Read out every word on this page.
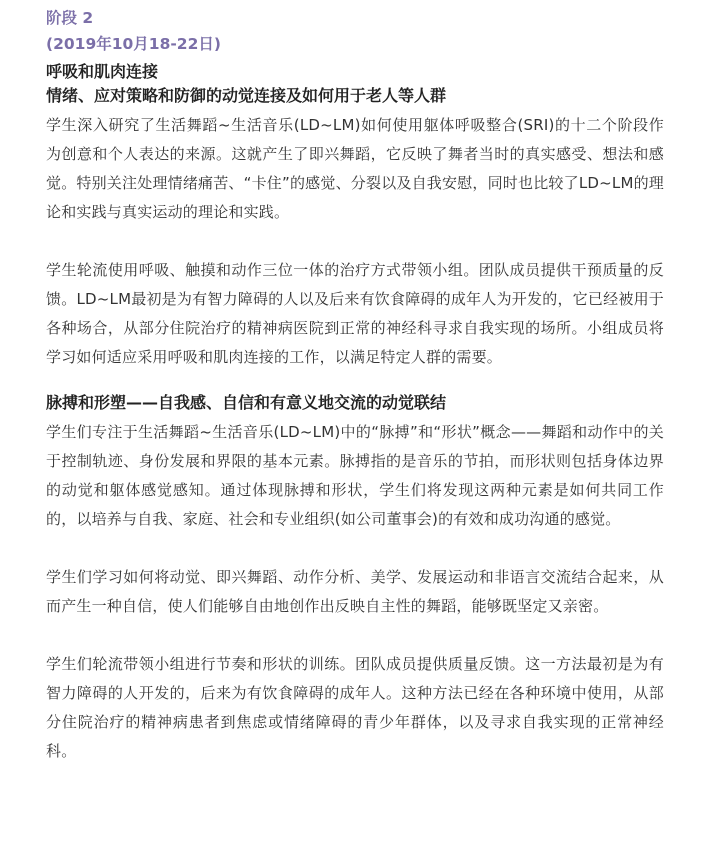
阶段 2
(2019年10月18-22日)
呼吸和肌肉连接
情绪、应对策略和防御的动觉连接及如何用于老人等人群

学生深入研究了生活舞蹈~生活音乐(LD~LM)如何使用躯体呼吸整合(SRI)的十二个阶段作为创意和个人表达的来源。这就产生了即兴舞蹈，它反映了舞者当时的真实感受、想法和感觉。特别关注处理情绪痛苦、“卡住”的感觉、分裂以及自我安慰，同时也比较了LD~LM的理论和实践与真实运动的理论和实践。

学生轮流使用呼吸、触摸和动作三位一体的治疗方式带领小组。团队成员提供干预质量的反馈。LD~LM最初是为有智力障碍的人以及后来有饮食障碍的成年人为开发的，它已经被用于各种场合，从部分住院治疗的精神病医院到正常的神经科寻求自我实现的场所。小组成员将学习如何适应采用呼吸和肌肉连接的工作，以满足特定人群的需要。

脉搏和形塑——自我感、自信和有意义地交流的动觉联结

学生们专注于生活舞蹈~生活音乐(LD~LM)中的“脉搏”和“形状”概念——舞蹈和动作中的关于控制轨迹、身份发展和界限的基本元素。脉搏指的是音乐的节拍，而形状则包括身体边界的动觉和躯体感觉感知。通过体现脉搏和形状，学生们将发现这两种元素是如何共同工作的，以培养与自我、家庭、社会和专业组织(如公司董事会)的有效和成功沟通的感觉。

学生们学习如何将动觉、即兴舞蹈、动作分析、美学、发展运动和非语言交流结合起来，从而产生一种自信，使人们能够自由地创作出反映自主性的舞蹈，能够既坚定又亲密。

学生们轮流带领小组进行节奏和形状的训练。团队成员提供质量反馈。这一方法最初是为有智力障碍的人开发的，后来为有饮食障碍的成年人。这种方法已经在各种环境中使用，从部分住院治疗的精神病患者到焦虑或情绪障碍的青少年群体，以及寻求自我实现的正常神经科。
